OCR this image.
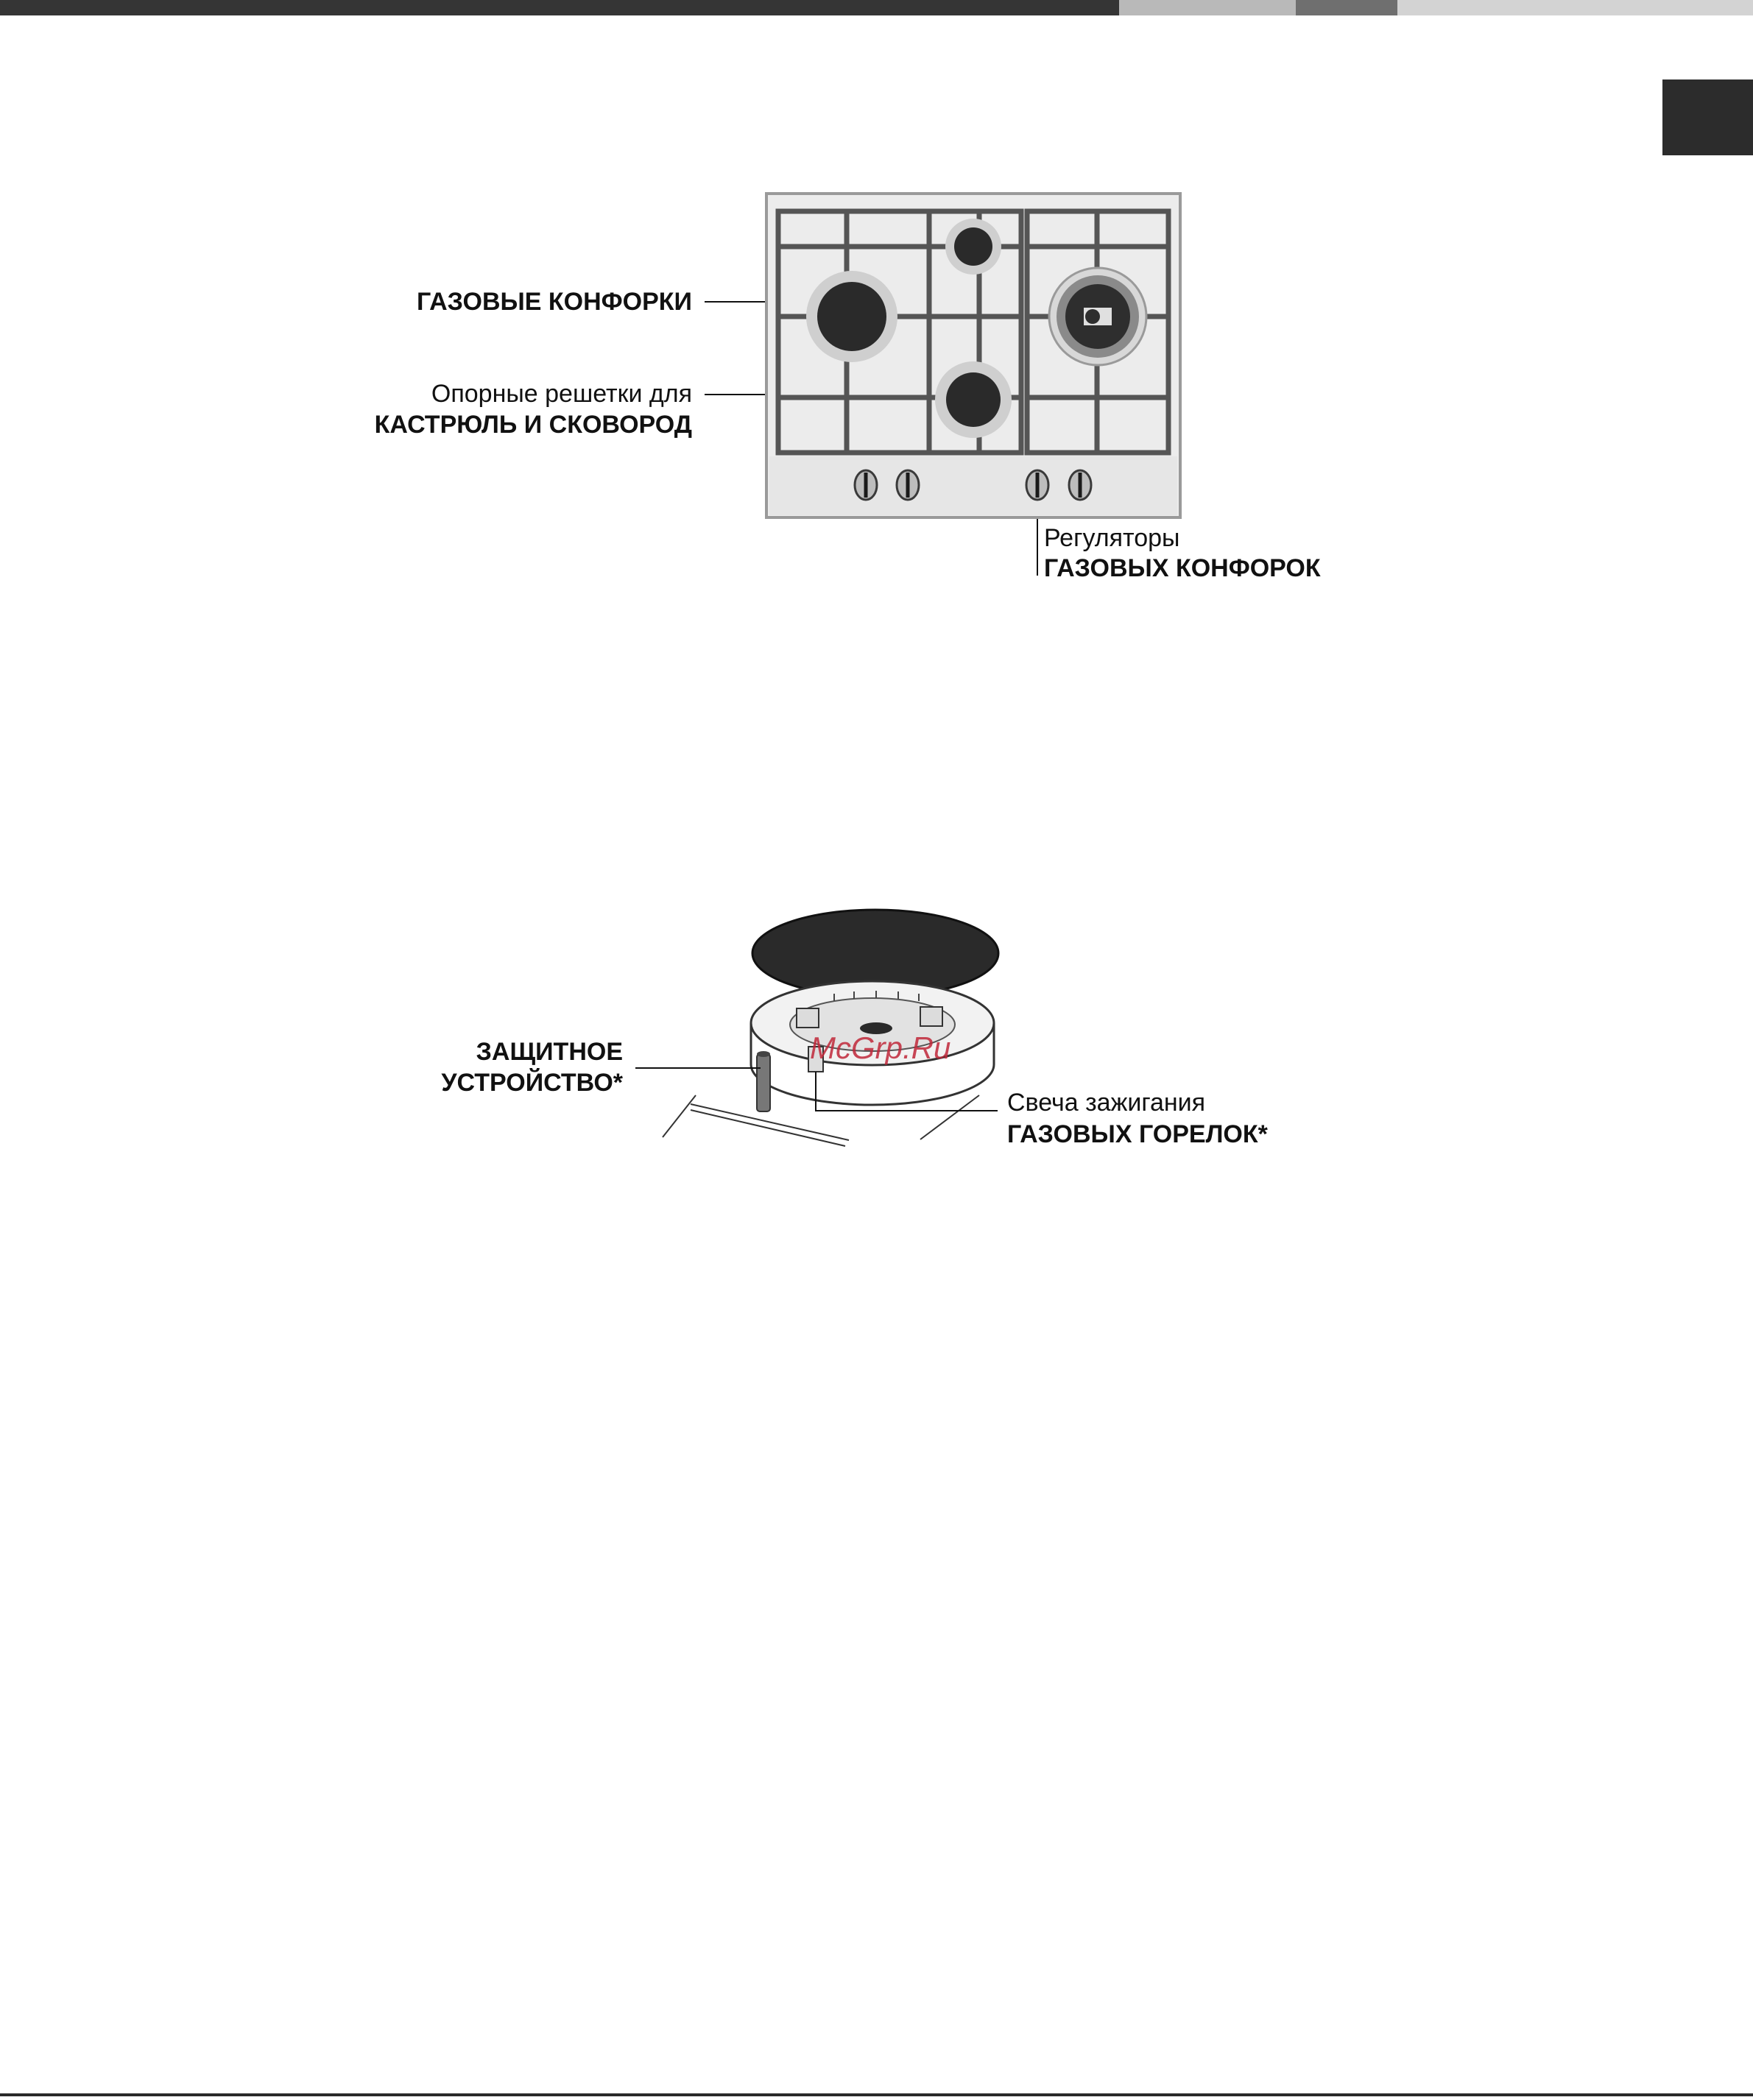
ГАЗОВЫЕ КОНФОРКИ
Опорные решетки для
КАСТРЮЛЬ И СКОВОРОД
Регуляторы
ГАЗОВЫХ КОНФОРОК
McGrp.Ru
ЗАЩИТНОЕ
УСТРОЙСТВО*
Свеча зажигания
ГАЗОВЫХ ГОРЕЛОК*
